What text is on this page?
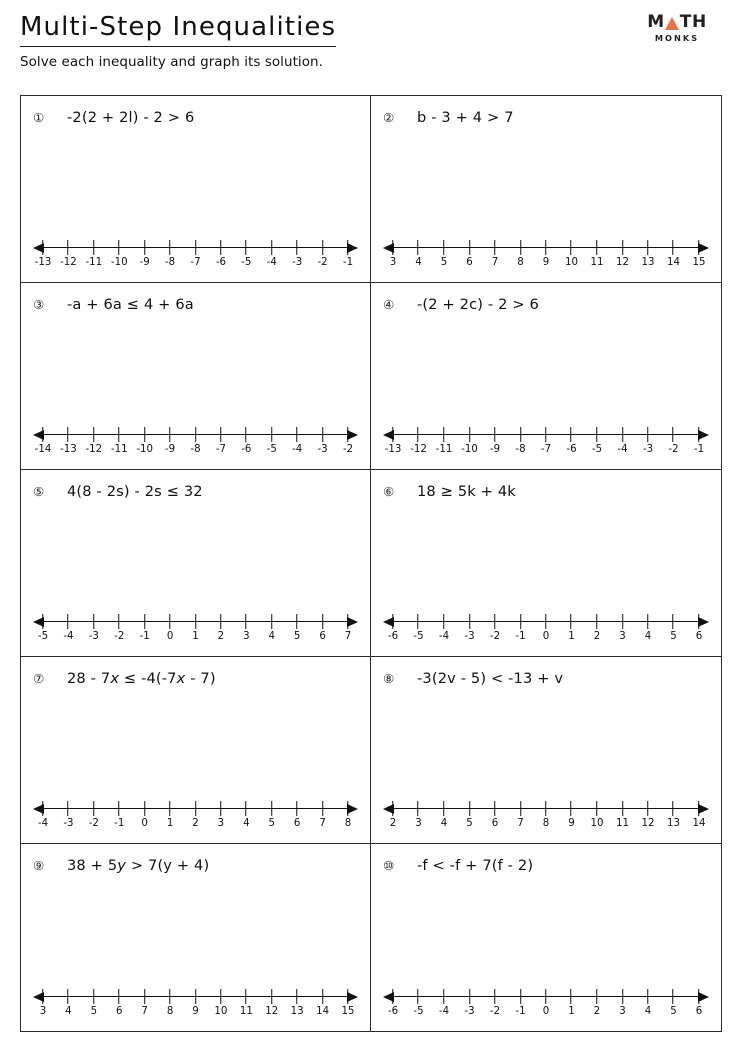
Multi-Step Inequalities

Solve each inequality and graph its solution.

M TH
MONKS
①	-2(2 + 2l) - 2 > 6
-13 -12 -11 -10 -9 -8 -7 -6 -5 -4 -3 -2 -1
②	b - 3 + 4 > 7
3 4 5 6 7 8 9 10 11 12 13 14 15
③	-a + 6a ≤ 4 + 6a
-14 -13 -12 -11 -10 -9 -8 -7 -6 -5 -4 -3 -2
④	-(2 + 2c) - 2 > 6
-13 -12 -11 -10 -9 -8 -7 -6 -5 -4 -3 -2 -1
⑤	4(8 - 2s) - 2s ≤ 32
-5 -4 -3 -2 -1 0 1 2 3 4 5 6 7
⑥	18 ≥ 5k + 4k
-6 -5 -4 -3 -2 -1 0 1 2 3 4 5 6
⑦	28 - 7x ≤ -4(-7x - 7)
-4 -3 -2 -1 0 1 2 3 4 5 6 7 8
⑧	-3(2v - 5) < -13 + v
2 3 4 5 6 7 8 9 10 11 12 13 14
⑨	38 + 5y > 7(y + 4)
3 4 5 6 7 8 9 10 11 12 13 14 15
⑩	-f < -f + 7(f - 2)
-6 -5 -4 -3 -2 -1 0 1 2 3 4 5 6
